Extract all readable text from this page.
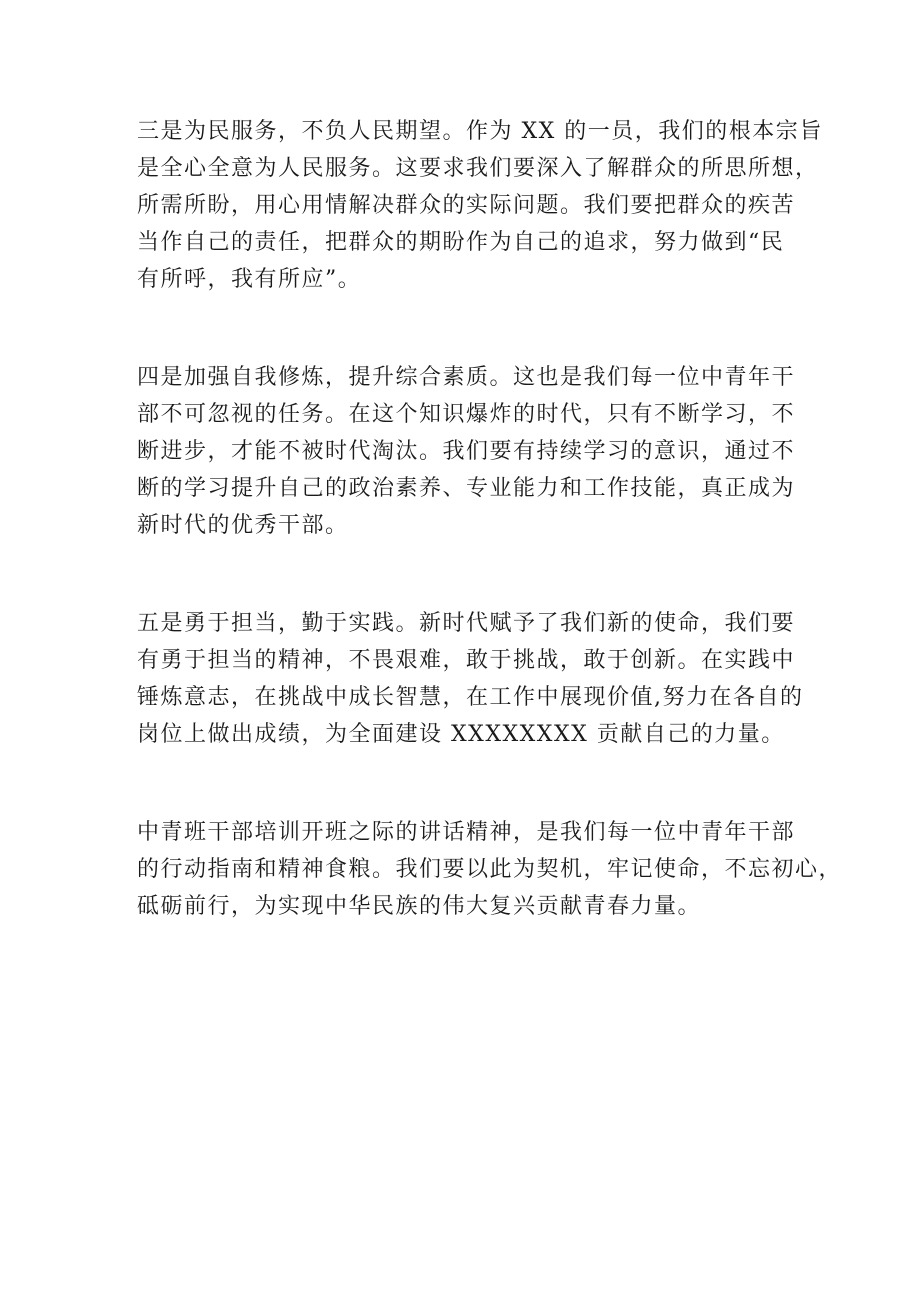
三是为民服务，不负人民期望。作为 XX 的一员，我们的根本宗旨
是全心全意为人民服务。这要求我们要深入了解群众的所思所想，
所需所盼，用心用情解决群众的实际问题。我们要把群众的疾苦
当作自己的责任，把群众的期盼作为自己的追求，努力做到“民
有所呼，我有所应”。

四是加强自我修炼，提升综合素质。这也是我们每一位中青年干
部不可忽视的任务。在这个知识爆炸的时代，只有不断学习，不
断进步，才能不被时代淘汰。我们要有持续学习的意识，通过不
断的学习提升自己的政治素养、专业能力和工作技能，真正成为
新时代的优秀干部。

五是勇于担当，勤于实践。新时代赋予了我们新的使命，我们要
有勇于担当的精神，不畏艰难，敢于挑战，敢于创新。在实践中
锤炼意志，在挑战中成长智慧，在工作中展现价值,努力在各自的
岗位上做出成绩，为全面建设 XXXXXXXX 贡献自己的力量。

中青班干部培训开班之际的讲话精神，是我们每一位中青年干部
的行动指南和精神食粮。我们要以此为契机，牢记使命，不忘初心，
砥砺前行，为实现中华民族的伟大复兴贡献青春力量。
